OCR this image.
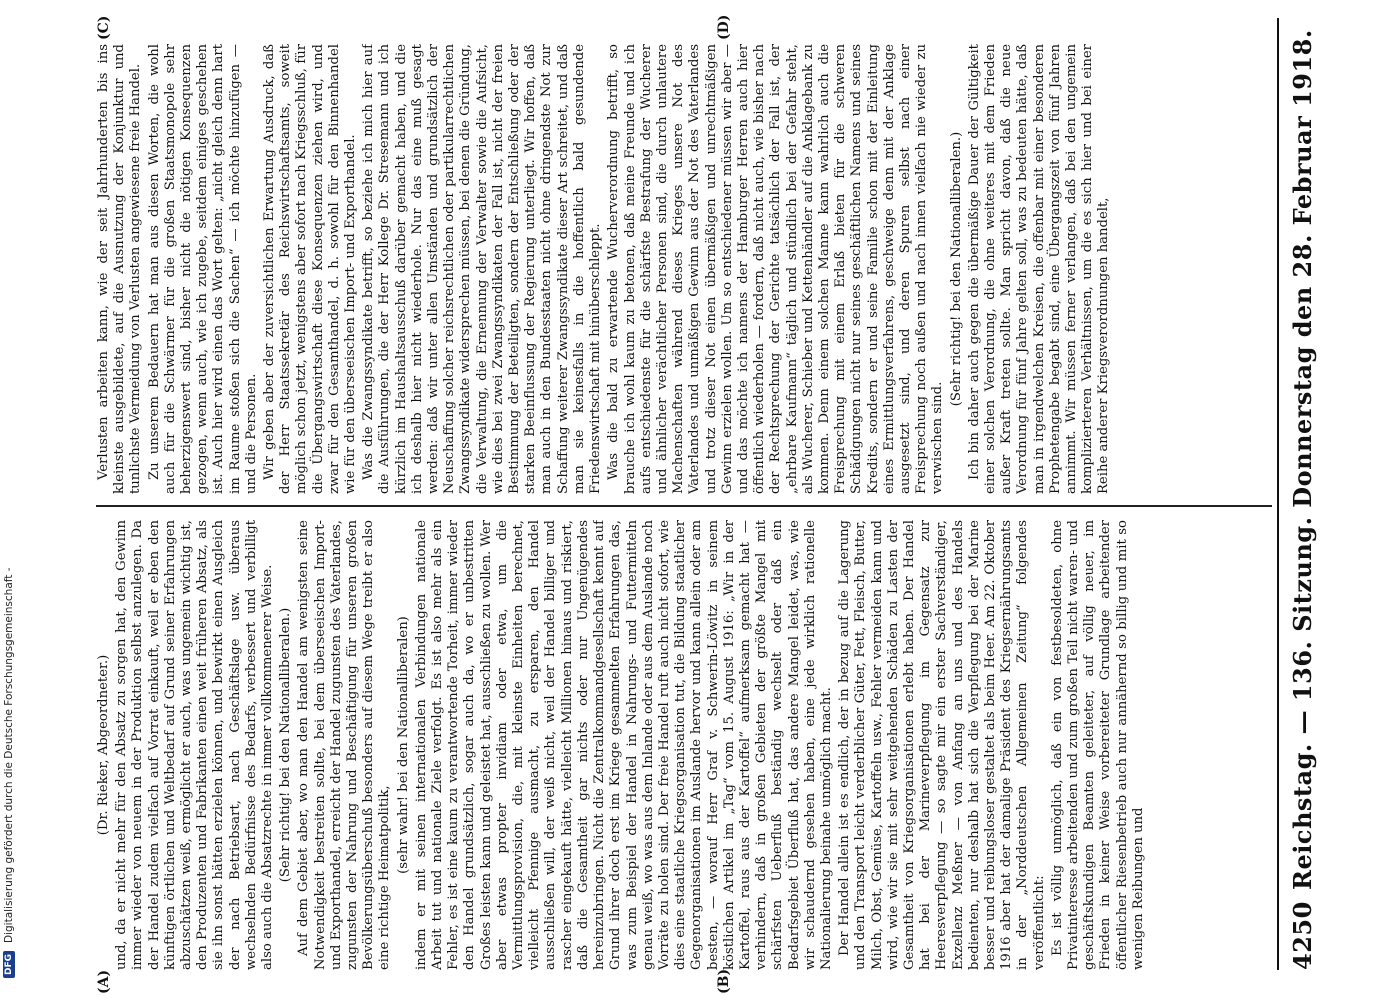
DFG
Digitalisierung gefördert durch die Deutsche Forschungsgemeinschaft -	(Dr. Rieker, Abgeordneter.) und, da er nicht mehr für den Absatz zu sorgen hat, den Gewinn immer wieder von neuem in der Produktion selbst anzulegen. Da der Handel zudem vielfach auf Vorrat einkauft, weil er eben den künftigen örtlichen und Weltbedarf auf Grund seiner Erfahrungen abzuschätzen weiß, ermöglicht er auch, was ungemein wichtig ist, den Produzenten und Fabrikanten einen weit früheren Absatz, als sie ihn sonst hätten erzielen können, und bewirkt einen Ausgleich der nach Betriebsart, nach Geschäftslage usw. überaus wechselnden Bedürfnisse des Bedarfs, verbessert und verbilligt also auch die Absatzrechte in immer vollkommenerer Weise. (Sehr richtig! bei den Nationalliberalen.) Auf dem Gebiet aber, wo man den Handel am wenigsten seine Notwendigkeit bestreiten sollte, bei dem überseeischen Import- und Exporthandel, erreicht der Handel zugunsten des Vaterlandes, zugunsten der Nahrung und Beschäftigung für unseren großen Bevölkerungsüberschuß besonders auf diesem Wege treibt er also eine richtige Heimatpolitik,

(sehr wahr! bei den Nationalliberalen) indem er mit seinen internationalen Verbindungen nationale Arbeit tut und nationale Ziele verfolgt. Es ist also mehr als ein Fehler, es ist eine kaum zu verantwortende Torheit, immer wieder den Handel grundsätzlich, sogar auch da, wo er unbestritten Großes leisten kann und geleistet hat, ausschließen zu wollen. Wer aber etwas propter invidiam oder etwa, um die Vermittlungsprovision, die, mit kleinste Einheiten berechnet, vielleicht Pfennige ausmacht, zu ersparen, den Handel ausschließen will, der weiß nicht, weil der Handel billiger und rascher eingekauft hätte, vielleicht Millionen hinaus und riskiert, daß die Gesamtheit gar nichts oder nur Ungenügendes hereinzubringen. Nicht die Zentralkommandgesellschaft kennt auf Grund ihrer doch erst im Kriege gesammelten Erfahrungen das, was zum Beispiel der Handel in Nahrungs- und Futtermitteln genau weiß, wo was aus dem Inlande oder aus dem Auslande noch Vorräte zu holen sind. Der freie Handel ruft auch nicht sofort, wie dies eine staatliche Kriegsorganisation tut, die Bildung staatlicher Gegenorganisationen im Auslande hervor und kann allein oder am besten, — worauf Herr Graf v. Schwerin-Löwitz in seinem köstlichen Artikel im „Tag“ vom 15. August 1916: „Wir in der Kartoffel, raus aus der Kartoffel“ aufmerksam gemacht hat — verhindern, daß in großen Gebieten der größte Mangel mit schärfsten Ueberfluß beständig wechselt oder daß ein Bedarfsgebiet Überfluß hat, das andere Mangel leidet, was, wie wir schaudernd gesehen haben, eine jede wirklich rationelle Nationalierung beinahe unmöglich macht. Der Handel allein ist es endlich, der in bezug auf die Lagerung und den Transport leicht verderblicher Güter, Fett, Fleisch, Butter, Milch, Obst, Gemüse, Kartoffeln usw., Fehler vermeiden kann und wird, wie wir sie mit sehr weitgehenden Schäden zu Lasten der Gesamtheit von Kriegsorganisationen erlebt haben. Der Handel hat bei der Marineverpflegung im Gegensatz zur Heeresverpflegung — so sagte mir ein erster Sachverständiger, Exzellenz Meßner — von Anfang an uns und des Handels bedienten, nur deshalb hat sich die Verpflegung bei der Marine besser und reibungsloser gestaltet als beim Heer. Am 22. Oktober 1916 aber hat der damalige Präsident des Kriegsernährungsamts in der „Norddeutschen Allgemeinen Zeitung“ folgendes veröffentlicht: Es ist völlig unmöglich, daß ein von festbesoldeten, ohne Privatinteresse arbeitenden und zum großen Teil nicht waren- und geschäftskundigen Beamten geleiteter, auf völlig neuer, im Frieden in keiner Weise vorbereiteter Grundlage arbeitender öffentlicher Riesenbetrieb auch nur annähernd so billig und mit so wenigen Reibungen und

Verlusten arbeiten kann, wie der seit Jahrhunderten bis ins kleinste ausgebildete, auf die Ausnutzung der Konjunktur und tunlichste Vermeidung von Verlusten angewiesene freie Handel. Zu unserem Bedauern hat man aus diesen Worten, die wohl auch für die Schwärmer für die großen Staatsmonopole sehr beherzigenswert sind, bisher nicht die nötigen Konsequenzen gezogen, wenn auch, wie ich zugebe, seitdem einiges geschehen ist. Auch hier wird einen das Wort gelten: „nicht gleich denn hart im Raume stoßen sich die Sachen“ — ich möchte hinzufügen — und die Personen. Wir geben aber der zuversichtlichen Erwartung Ausdruck, daß der Herr Staatssekretär des Reichswirtschaftsamts, soweit möglich schon jetzt, wenigstens aber sofort nach Kriegsschluß, für die Übergangswirtschaft diese Konsequenzen ziehen wird, und zwar für den Gesamthandel, d. h. sowohl für den Binnenhandel wie für den überseeischen Import- und Exporthandel. Was die Zwangssyndikate betrifft, so beziehe ich mich hier auf die Ausführungen, die der Herr Kollege Dr. Stresemann und ich kürzlich im Haushaltsausschuß darüber gemacht haben, und die ich deshalb hier nicht wiederhole. Nur das eine muß gesagt werden: daß wir unter allen Umständen und grundsätzlich der Neuschaffung solcher reichsrechtlichen oder partikularrechtlichen Zwangssyndikate widersprechen müssen, bei denen die Gründung, die Verwaltung, die Ernennung der Verwalter sowie die Aufsicht, wie dies bei zwei Zwangssyndikaten der Fall ist, nicht der freien Bestimmung der Beteiligten, sondern der Entschließung oder der starken Beeinflussung der Regierung unterliegt. Wir hoffen, daß man auch in den Bundesstaaten nicht ohne dringendste Not zur Schaffung weiterer Zwangssyndikate dieser Art schreitet, und daß man sie keinesfalls in die hoffentlich bald gesundende Friedenswirtschaft mit hinüberschleppt. Was die bald zu erwartende Wucherverordnung betrifft, so brauche ich wohl kaum zu betonen, daß meine Freunde und ich aufs entschiedenste für die schärfste Bestrafung der Wucherer und ähnlicher verächtlicher Personen sind, die durch unlautere Machenschaften während dieses Krieges unsere Not des Vaterlandes und unmäßigen Gewinn aus der Not des Vaterlandes und trotz dieser Not einen übermäßigen und unrechtmäßigen Gewinn erzielen wollen. Um so entschiedener müssen wir aber — und das möchte ich namens der Hamburger Herren auch hier öffentlich wiederholen — fordern, daß nicht auch, wie bisher nach der Rechtsprechung der Gerichte tatsächlich der Fall ist, der „ehrbare Kaufmann“ täglich und stündlich bei der Gefahr steht, als Wucherer, Schieber und Kettenhändler auf die Anklagebank zu kommen. Denn einem solchen Manne kann wahrlich auch die Freisprechung mit einem Erlaß bieten für die schweren Schädigungen nicht nur seines geschäftlichen Namens und seines Kredits, sondern er und seine Familie schon mit der Einleitung eines Ermittlungsverfahrens, geschweige denn mit der Anklage ausgesetzt sind, und deren Spuren selbst nach einer Freisprechung noch außen und nach innen vielfach nie wieder zu verwischen sind.

(Sehr richtig! bei den Nationalliberalen.) Ich bin daher auch gegen die übermäßige Dauer der Gültigkeit einer solchen Verordnung, die ohne weiteres mit dem Frieden außer Kraft treten sollte. Man spricht davon, daß die neue Verordnung für fünf Jahre gelten soll, was zu bedeuten hätte, daß man in irgendwelchen Kreisen, die offenbar mit einer besonderen Prophetengabe begabt sind, eine Übergangszeit von fünf Jahren annimmt. Wir müssen ferner verlangen, daß bei den ungemein komplizierteren Verhältnissen, um die es sich hier und bei einer Reihe anderer Kriegsverordnungen handelt,

(A)	(B)
(C)	(D)
4250
Reichstag. — 136. Sitzung. Donnerstag den 28. Februar 1918.
